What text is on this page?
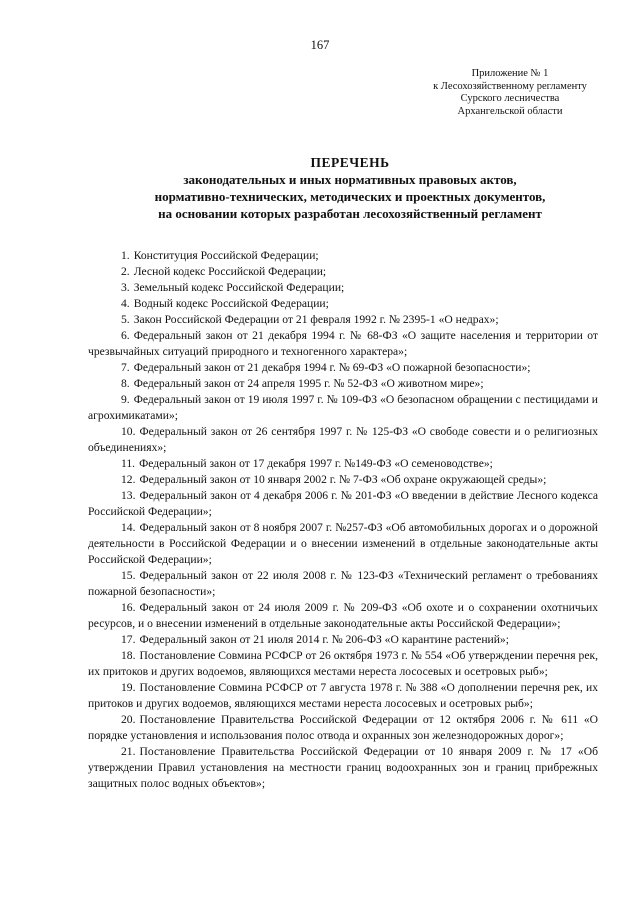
167
Приложение № 1
к Лесохозяйственному регламенту
Сурского лесничества
Архангельской области
ПЕРЕЧЕНЬ
законодательных и иных нормативных правовых актов,
нормативно-технических, методических и проектных документов,
на основании которых разработан лесохозяйственный регламент
1. Конституция Российской Федерации;
2. Лесной кодекс Российской Федерации;
3. Земельный кодекс Российской Федерации;
4. Водный кодекс Российской Федерации;
5. Закон Российской Федерации от 21 февраля 1992 г. № 2395-1 «О недрах»;
6. Федеральный закон от 21 декабря 1994 г. № 68-ФЗ «О защите населения и территории от чрезвычайных ситуаций природного и техногенного характера»;
7. Федеральный закон от 21 декабря 1994 г. № 69-ФЗ «О пожарной безопасности»;
8. Федеральный закон от 24 апреля 1995 г. № 52-ФЗ «О животном мире»;
9. Федеральный закон от 19 июля 1997 г. № 109-ФЗ «О безопасном обращении с пестицидами и агрохимикатами»;
10. Федеральный закон от 26 сентября 1997 г. № 125-ФЗ «О свободе совести и о религиозных объединениях»;
11. Федеральный закон от 17 декабря 1997 г. №149-ФЗ «О семеноводстве»;
12. Федеральный закон от 10 января 2002 г. № 7-ФЗ «Об охране окружающей среды»;
13. Федеральный закон от 4 декабря 2006 г. № 201-ФЗ «О введении в действие Лесного кодекса Российской Федерации»;
14. Федеральный закон от 8 ноября 2007 г. №257-ФЗ «Об автомобильных дорогах и о дорожной деятельности в Российской Федерации и о внесении изменений в отдельные законодательные акты Российской Федерации»;
15. Федеральный закон от 22 июля 2008 г. № 123-ФЗ «Технический регламент о требованиях пожарной безопасности»;
16. Федеральный закон от 24 июля 2009 г. № 209-ФЗ «Об охоте и о сохранении охотничьих ресурсов, и о внесении изменений в отдельные законодательные акты Российской Федерации»;
17. Федеральный закон от 21 июля 2014 г. № 206-ФЗ «О карантине растений»;
18. Постановление Совмина РСФСР от 26 октября 1973 г. № 554 «Об утверждении перечня рек, их притоков и других водоемов, являющихся местами нереста лососевых и осетровых рыб»;
19. Постановление Совмина РСФСР от 7 августа 1978 г. № 388 «О дополнении перечня рек, их притоков и других водоемов, являющихся местами нереста лососевых и осетровых рыб»;
20. Постановление Правительства Российской Федерации от 12 октября 2006 г. № 611 «О порядке установления и использования полос отвода и охранных зон железнодорожных дорог»;
21. Постановление Правительства Российской Федерации от 10 января 2009 г. № 17 «Об утверждении Правил установления на местности границ водоохранных зон и границ прибрежных защитных полос водных объектов»;
